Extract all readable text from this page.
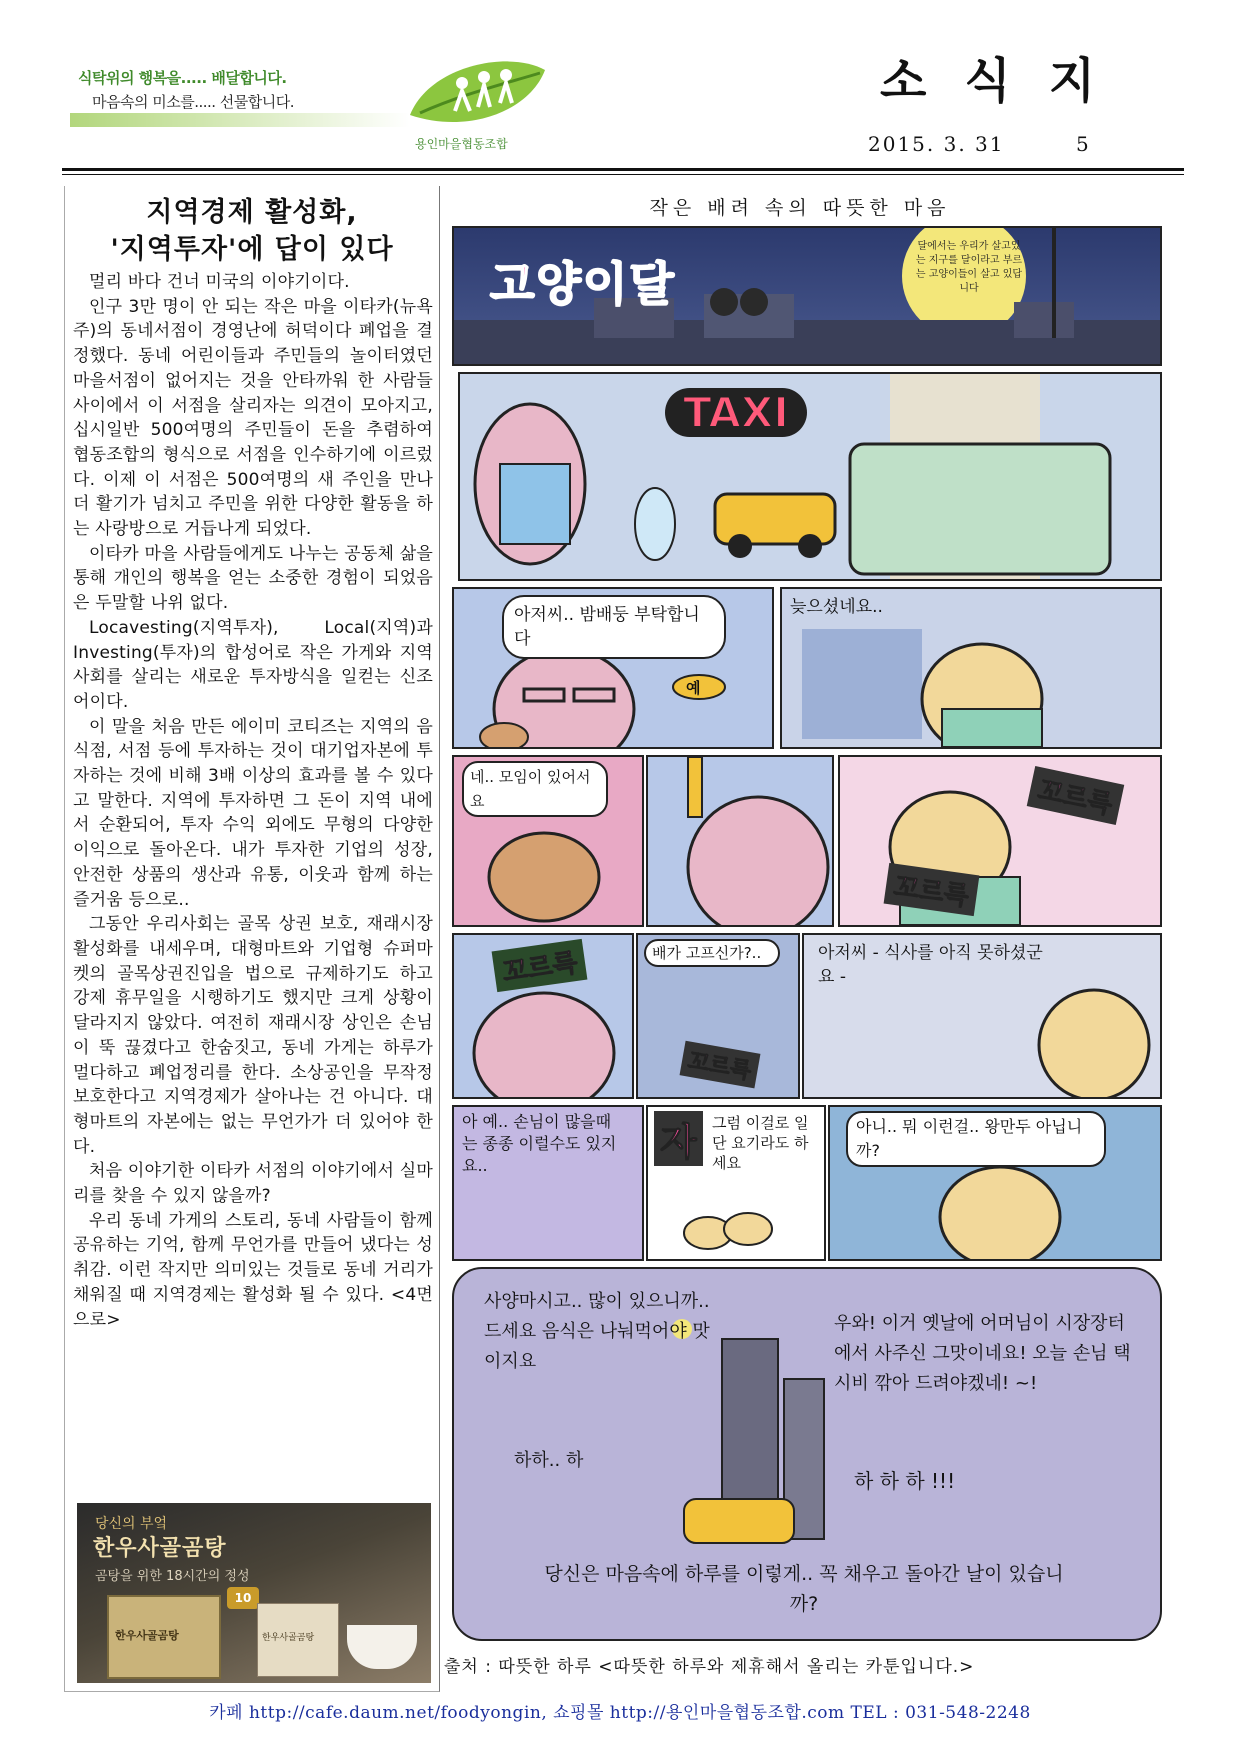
식탁위의 행복을..... 배달합니다.
마음속의 미소를..... 선물합니다.
용인마을협동조합
소식지
2015. 3. 31	5
지역경제 활성화,
'지역투자'에 답이 있다

멀리 바다 건너 미국의 이야기이다.

인구 3만 명이 안 되는 작은 마을 이타카(뉴욕주)의 동네서점이 경영난에 허덕이다 폐업을 결정했다. 동네 어린이들과 주민들의 놀이터였던 마을서점이 없어지는 것을 안타까워 한 사람들 사이에서 이 서점을 살리자는 의견이 모아지고, 십시일반 500여명의 주민들이 돈을 추렴하여 협동조합의 형식으로 서점을 인수하기에 이르렀다. 이제 이 서점은 500여명의 새 주인을 만나 더 활기가 넘치고 주민을 위한 다양한 활동을 하는 사랑방으로 거듭나게 되었다.

이타카 마을 사람들에게도 나누는 공동체 삶을 통해 개인의 행복을 얻는 소중한 경험이 되었음은 두말할 나위 없다.

Locavesting(지역투자), Local(지역)과 Investing(투자)의 합성어로 작은 가게와 지역사회를 살리는 새로운 투자방식을 일컫는 신조어이다.

이 말을 처음 만든 에이미 코티즈는 지역의 음식점, 서점 등에 투자하는 것이 대기업자본에 투자하는 것에 비해 3배 이상의 효과를 볼 수 있다고 말한다. 지역에 투자하면 그 돈이 지역 내에서 순환되어, 투자 수익 외에도 무형의 다양한 이익으로 돌아온다. 내가 투자한 기업의 성장, 안전한 상품의 생산과 유통, 이웃과 함께 하는 즐거움 등으로..

그동안 우리사회는 골목 상권 보호, 재래시장 활성화를 내세우며, 대형마트와 기업형 슈퍼마켓의 골목상권진입을 법으로 규제하기도 하고 강제 휴무일을 시행하기도 했지만 크게 상황이 달라지지 않았다. 여전히 재래시장 상인은 손님이 뚝 끊겼다고 한숨짓고, 동네 가게는 하루가 멀다하고 폐업정리를 한다. 소상공인을 무작정 보호한다고 지역경제가 살아나는 건 아니다. 대형마트의 자본에는 없는 무언가가 더 있어야 한다.

처음 이야기한 이타카 서점의 이야기에서 실마리를 찾을 수 있지 않을까?

우리 동네 가게의 스토리, 동네 사람들이 함께 공유하는 기억, 함께 무언가를 만들어 냈다는 성취감. 이런 작지만 의미있는 것들로 동네 거리가 채워질 때 지역경제는 활성화 될 수 있다. <4면으로>

당신의 부엌
한우사골곰탕
곰탕을 위한 18시간의 정성
한우사골곰탕
10
한우사골곰탕
작은 배려 속의 따뜻한 마음
고양이달
달에서는 우리가 살고있는 지구를 달이라고 부르는 고양이들이 살고 있답니다
TAXI
아저씨.. 밤배둥 부탁합니다
예
늦으셨네요..
네.. 모임이 있어서요	꼬르륵
꼬르륵
꼬르륵	배가 고프신가?..
꼬르륵
아저씨 - 식사를 아직 못하셨군요 -
아 예.. 손님이 많을때는 종종 이럴수도 있지요..
자	그럼 이걸로 일단 요기라도 하세요
아니.. 뭐 이런걸.. 왕만두 아닙니까?
사양마시고.. 많이 있으니까.. 드세요 음식은 나눠먹어야 맛이지요
하하.. 하
우와! 이거 옛날에 어머님이 시장장터에서 사주신 그맛이네요! 오늘 손님 택시비 깎아 드려야겠네! ~!
하 하 하 !!!
당신은 마음속에 하루를 이렇게.. 꼭 채우고 돌아간 날이 있습니까?
출처 : 따뜻한 하루 <따뜻한 하루와 제휴해서 올리는 카툰입니다.>
카페 http://cafe.daum.net/foodyongin, 쇼핑몰 http://용인마을협동조합.com TEL : 031-548-2248
